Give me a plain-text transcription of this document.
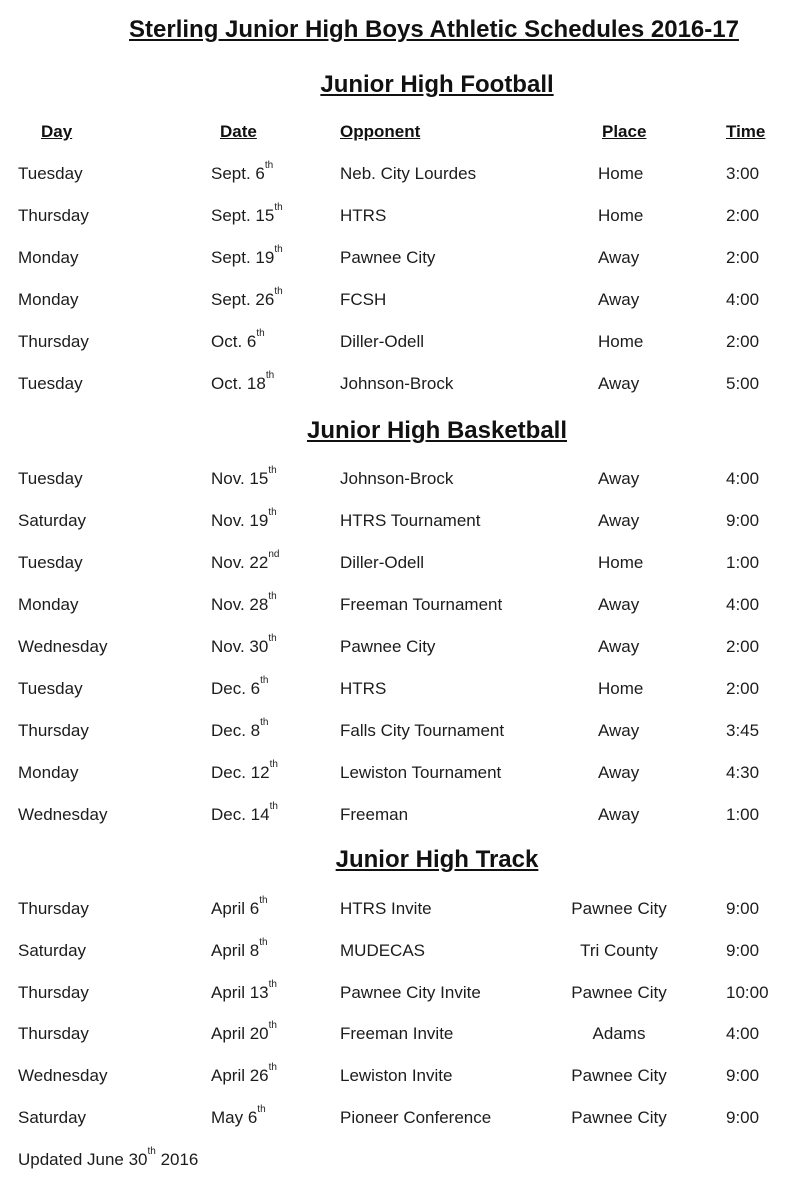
Sterling Junior High Boys Athletic Schedules 2016-17
Junior High Football
Day	Date	Opponent	Place	Time
Tuesday	Sept. 6th	Neb. City Lourdes	Home	3:00
Thursday	Sept. 15th	HTRS	Home	2:00
Monday	Sept. 19th	Pawnee City	Away	2:00
Monday	Sept. 26th	FCSH	Away	4:00
Thursday	Oct. 6th	Diller-Odell	Home	2:00
Tuesday	Oct. 18th	Johnson-Brock	Away	5:00
Junior High Basketball
Tuesday	Nov. 15th	Johnson-Brock	Away	4:00
Saturday	Nov. 19th	HTRS Tournament	Away	9:00
Tuesday	Nov. 22nd	Diller-Odell	Home	1:00
Monday	Nov. 28th	Freeman Tournament	Away	4:00
Wednesday	Nov. 30th	Pawnee City	Away	2:00
Tuesday	Dec. 6th	HTRS	Home	2:00
Thursday	Dec. 8th	Falls City Tournament	Away	3:45
Monday	Dec. 12th	Lewiston Tournament	Away	4:30
Wednesday	Dec. 14th	Freeman	Away	1:00
Junior High Track
Thursday	April 6th	HTRS Invite	Pawnee City	9:00
Saturday	April 8th	MUDECAS	Tri County	9:00
Thursday	April 13th	Pawnee City Invite	Pawnee City	10:00
Thursday	April 20th	Freeman Invite	Adams	4:00
Wednesday	April 26th	Lewiston Invite	Pawnee City	9:00
Saturday	May 6th	Pioneer Conference	Pawnee City	9:00
Updated June 30th 2016
